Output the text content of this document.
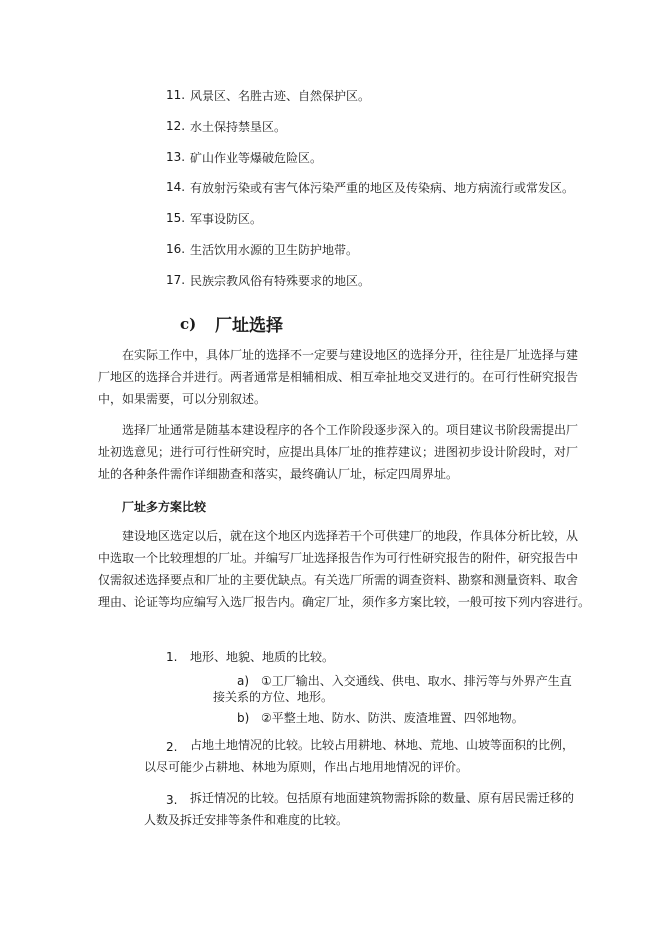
11. 风景区、名胜古迹、自然保护区。
12. 水土保持禁垦区。
13. 矿山作业等爆破危险区。
14. 有放射污染或有害气体污染严重的地区及传染病、地方病流行或常发区。
15. 军事设防区。
16. 生活饮用水源的卫生防护地带。
17. 民族宗教风俗有特殊要求的地区。
c) 厂址选择
在实际工作中，具体厂址的选择不一定要与建设地区的选择分开，往往是厂址选择与建
厂地区的选择合并进行。两者通常是相辅相成、相互牵扯地交叉进行的。在可行性研究报告
中，如果需要，可以分别叙述。
选择厂址通常是随基本建设程序的各个工作阶段逐步深入的。项目建议书阶段需提出厂
址初选意见；进行可行性研究时，应提出具体厂址的推荐建议；进图初步设计阶段时，对厂
址的各种条件需作详细勘查和落实，最终确认厂址，标定四周界址。
厂址多方案比较
建设地区选定以后，就在这个地区内选择若干个可供建厂的地段，作具体分析比较，从
中选取一个比较理想的厂址。并编写厂址选择报告作为可行性研究报告的附件，研究报告中
仅需叙述选择要点和厂址的主要优缺点。有关选厂所需的调查资料、勘察和测量资料、取舍
理由、论证等均应编写入选厂报告内。确定厂址，须作多方案比较，一般可按下列内容进行。
1. 地形、地貌、地质的比较。
a) ①工厂输出、入交通线、供电、取水、排污等与外界产生直
接关系的方位、地形。
b) ②平整土地、防水、防洪、废渣堆置、四邻地物。
2. 占地土地情况的比较。比较占用耕地、林地、荒地、山坡等面积的比例，
以尽可能少占耕地、林地为原则，作出占地用地情况的评价。
3. 拆迁情况的比较。包括原有地面建筑物需拆除的数量、原有居民需迁移的
人数及拆迁安排等条件和难度的比较。
